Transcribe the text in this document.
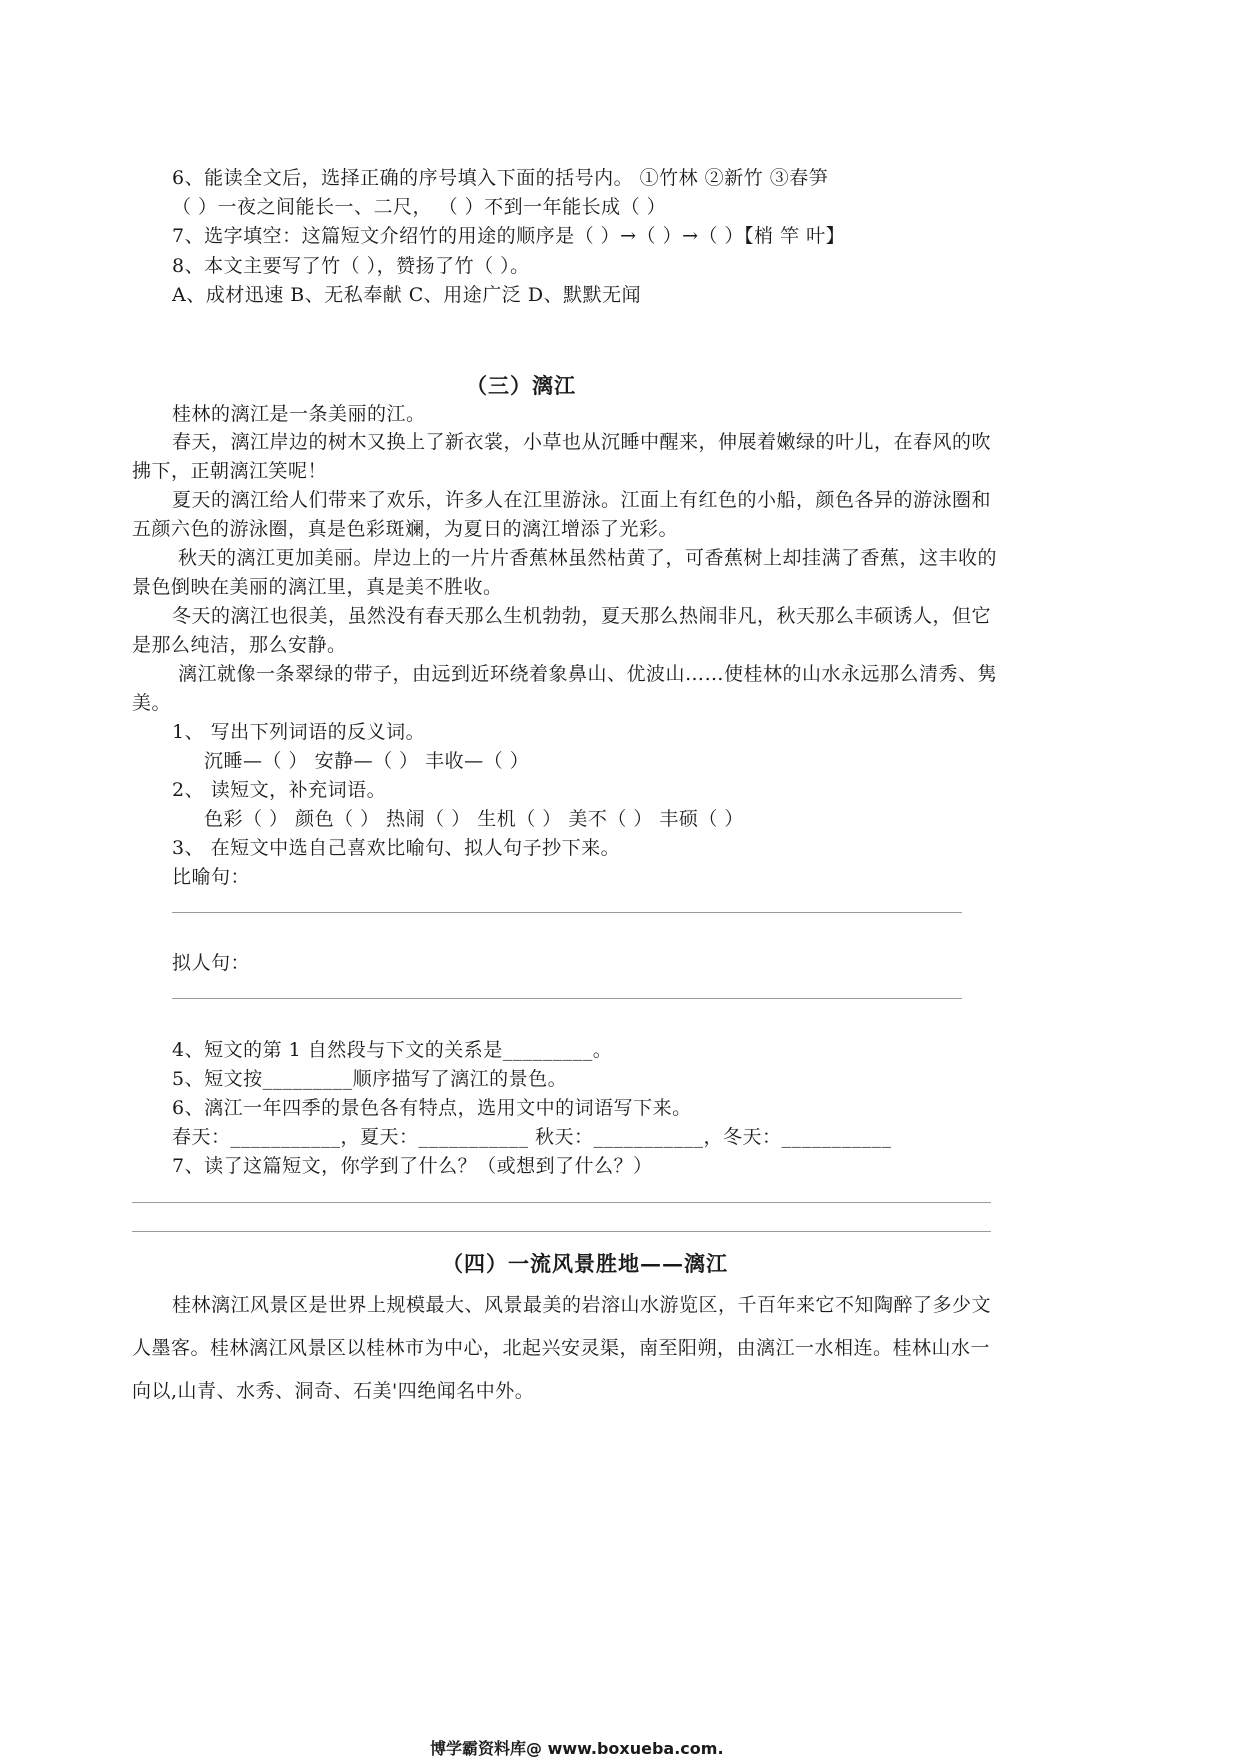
6、能读全文后，选择正确的序号填入下面的括号内。 ①竹林 ②新竹 ③春笋
（ ）一夜之间能长一、二尺， （ ）不到一年能长成（ ）
7、选字填空：这篇短文介绍竹的用途的顺序是（ ）→（ ）→（ ）【梢 竿 叶】
8、本文主要写了竹（ ），赞扬了竹（ ）。
A、成材迅速 B、无私奉献 C、用途广泛 D、默默无闻
（三）漓江
桂林的漓江是一条美丽的江。
春天，漓江岸边的树木又换上了新衣裳，小草也从沉睡中醒来，伸展着嫩绿的叶儿，在春风的吹
拂下，正朝漓江笑呢！
夏天的漓江给人们带来了欢乐，许多人在江里游泳。江面上有红色的小船，颜色各异的游泳圈和
五颜六色的游泳圈，真是色彩斑斓，为夏日的漓江增添了光彩。
秋天的漓江更加美丽。岸边上的一片片香蕉林虽然枯黄了，可香蕉树上却挂满了香蕉，这丰收的
景色倒映在美丽的漓江里，真是美不胜收。
冬天的漓江也很美，虽然没有春天那么生机勃勃，夏天那么热闹非凡，秋天那么丰硕诱人，但它
是那么纯洁，那么安静。
漓江就像一条翠绿的带子，由远到近环绕着象鼻山、优波山……使桂林的山水永远那么清秀、隽
美。
1、 写出下列词语的反义词。
沉睡—（ ） 安静—（ ） 丰收—（ ）
2、 读短文，补充词语。
色彩（ ） 颜色（ ） 热闹（ ） 生机（ ） 美不（ ） 丰硕（ ）
3、 在短文中选自己喜欢比喻句、拟人句子抄下来。
比喻句：
拟人句：
4、短文的第 1 自然段与下文的关系是_________。
5、短文按_________顺序描写了漓江的景色。
6、漓江一年四季的景色各有特点，选用文中的词语写下来。
春天：___________，夏天：___________ 秋天：___________，冬天：___________
7、读了这篇短文，你学到了什么？（或想到了什么？）
（四）一流风景胜地——漓江
桂林漓江风景区是世界上规模最大、风景最美的岩溶山水游览区，千百年来它不知陶醉了多少文
人墨客。桂林漓江风景区以桂林市为中心，北起兴安灵渠，南至阳朔，由漓江一水相连。桂林山水一
向以,山青、水秀、洞奇、石美'四绝闻名中外。
博学霸资料库@ www.boxueba.com.
